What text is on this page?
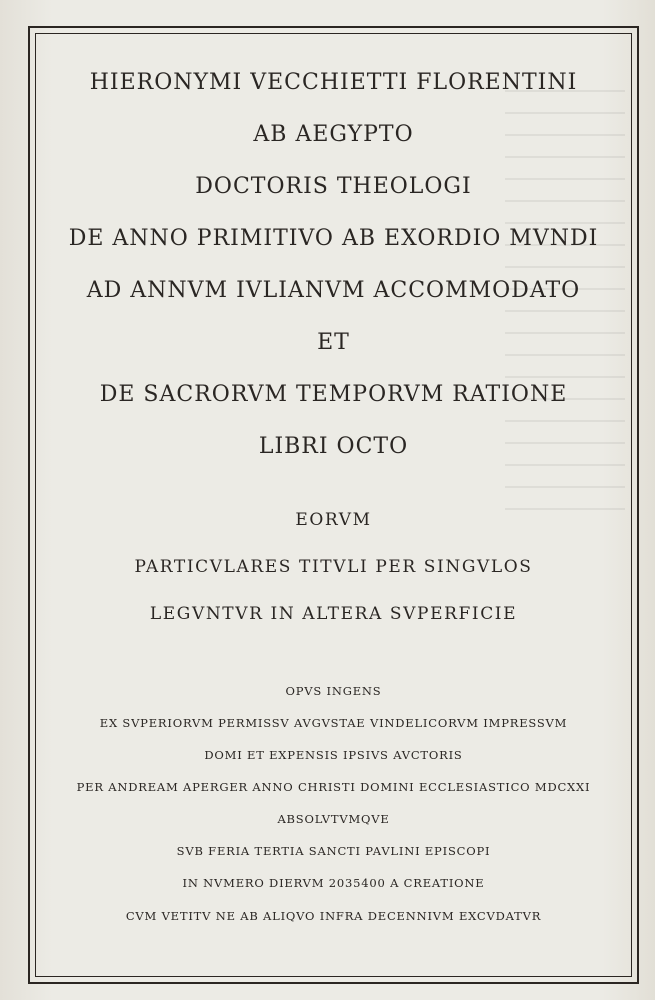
HIERONYMI VECCHIETTI FLORENTINI
AB AEGYPTO
DOCTORIS THEOLOGI
DE ANNO PRIMITIVO AB EXORDIO MVNDI
AD ANNVM IVLIANVM ACCOMMODATO
ET
DE SACRORVM TEMPORVM RATIONE
LIBRI OCTO
EORVM
PARTICVLARES TITVLI PER SINGVLOS
LEGVNTVR IN ALTERA SVPERFICIE
OPVS INGENS
EX SVPERIORVM PERMISSV AVGVSTAE VINDELICORVM IMPRESSVM
DOMI ET EXPENSIS IPSIVS AVCTORIS
PER ANDREAM APERGER ANNO CHRISTI DOMINI ECCLESIASTICO MDCXXI
ABSOLVTVMQVE
SVB FERIA TERTIA SANCTI PAVLINI EPISCOPI
IN NVMERO DIERVM 2035400 A CREATIONE
CVM VETITV NE AB ALIQVO INFRA DECENNIVM EXCVDATVR
